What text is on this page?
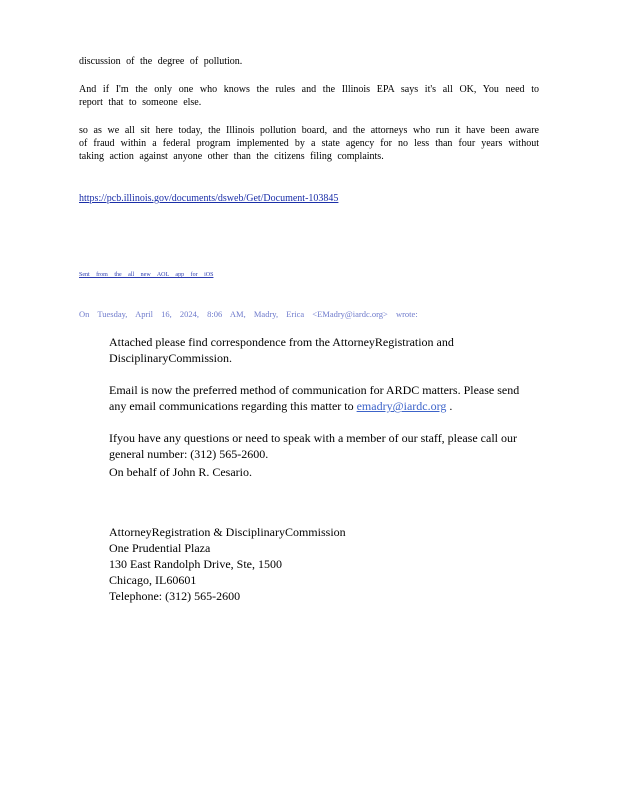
discussion of the degree of pollution.

And if I'm the only one who knows the rules and the Illinois EPA says it's all OK, You need to report that to someone else.

so as we all sit here today, the Illinois pollution board, and the attorneys who run it have been aware of fraud within a federal program implemented by a state agency for no less than four years without taking action against anyone other than the citizens filing complaints.

https://pcb.illinois.gov/documents/dsweb/Get/Document-103845
Sent from the all new AOL app for iOS
On Tuesday, April 16, 2024, 8:06 AM, Madry, Erica <EMadry@iardc.org> wrote:

Attached please find correspondence from the AttorneyRegistration and DisciplinaryCommission.

Email is now the preferred method of communication for ARDC matters. Please send any email communications regarding this matter to emadry@iardc.org .

Ifyou have any questions or need to speak with a member of our staff, please call our general number: (312) 565-2600.

On behalf of John R. Cesario.

AttorneyRegistration & DisciplinaryCommission
One Prudential Plaza
130 East Randolph Drive, Ste, 1500
Chicago, IL60601
Telephone: (312) 565-2600
